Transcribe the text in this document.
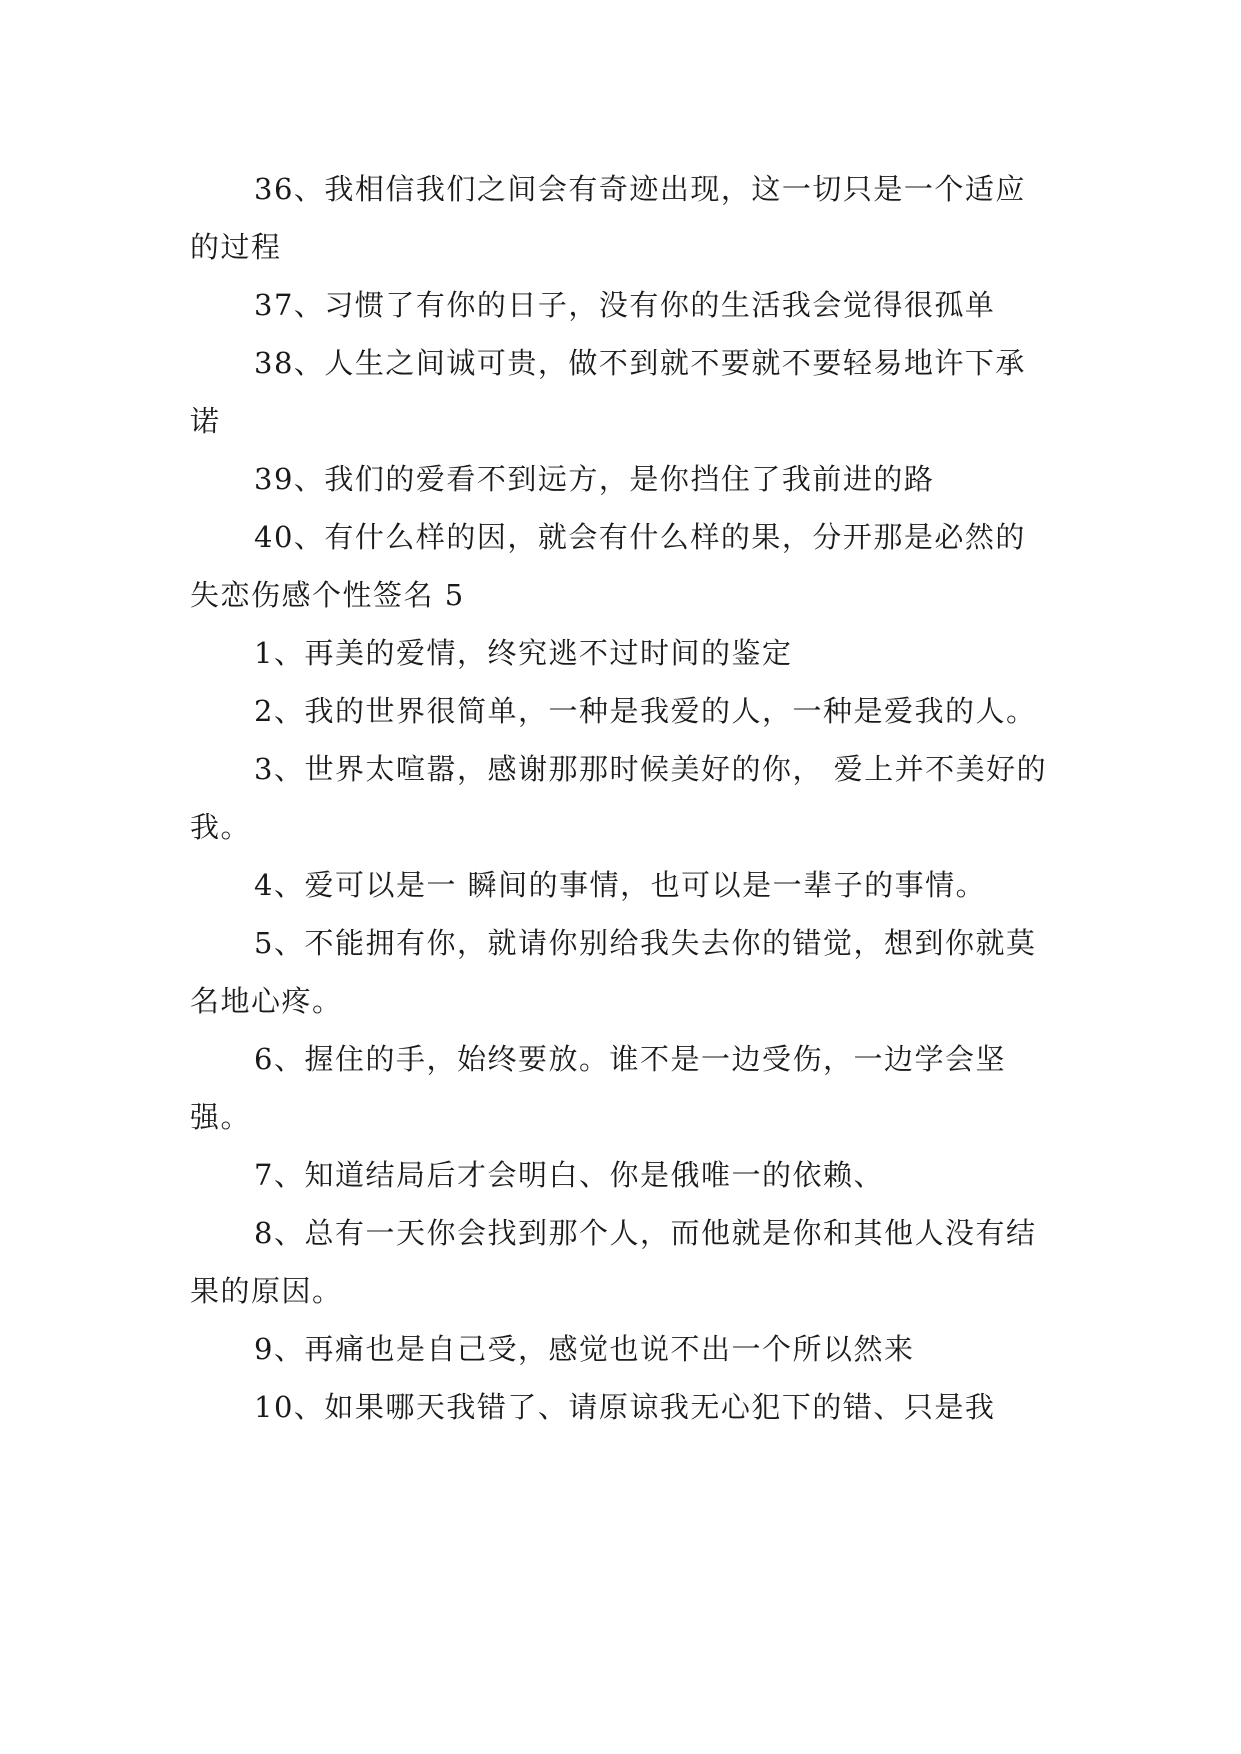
36、我相信我们之间会有奇迹出现，这一切只是一个适应的过程

37、习惯了有你的日子，没有你的生活我会觉得很孤单

38、人生之间诚可贵，做不到就不要就不要轻易地许下承诺

39、我们的爱看不到远方，是你挡住了我前进的路

40、有什么样的因，就会有什么样的果，分开那是必然的

失恋伤感个性签名 5

1、再美的爱情，终究逃不过时间的鉴定

2、我的世界很简单，一种是我爱的人，一种是爱我的人。

3、世界太喧嚣，感谢那那时候美好的你， 爱上并不美好的我。

4、爱可以是一 瞬间的事情，也可以是一辈子的事情。

5、不能拥有你，就请你别给我失去你的错觉，想到你就莫名地心疼。

6、握住的手，始终要放。谁不是一边受伤，一边学会坚强。

7、知道结局后才会明白、你是俄唯一的依赖、

8、总有一天你会找到那个人，而他就是你和其他人没有结果的原因。

9、再痛也是自己受，感觉也说不出一个所以然来

10、如果哪天我错了、请原谅我无心犯下的错、只是我
